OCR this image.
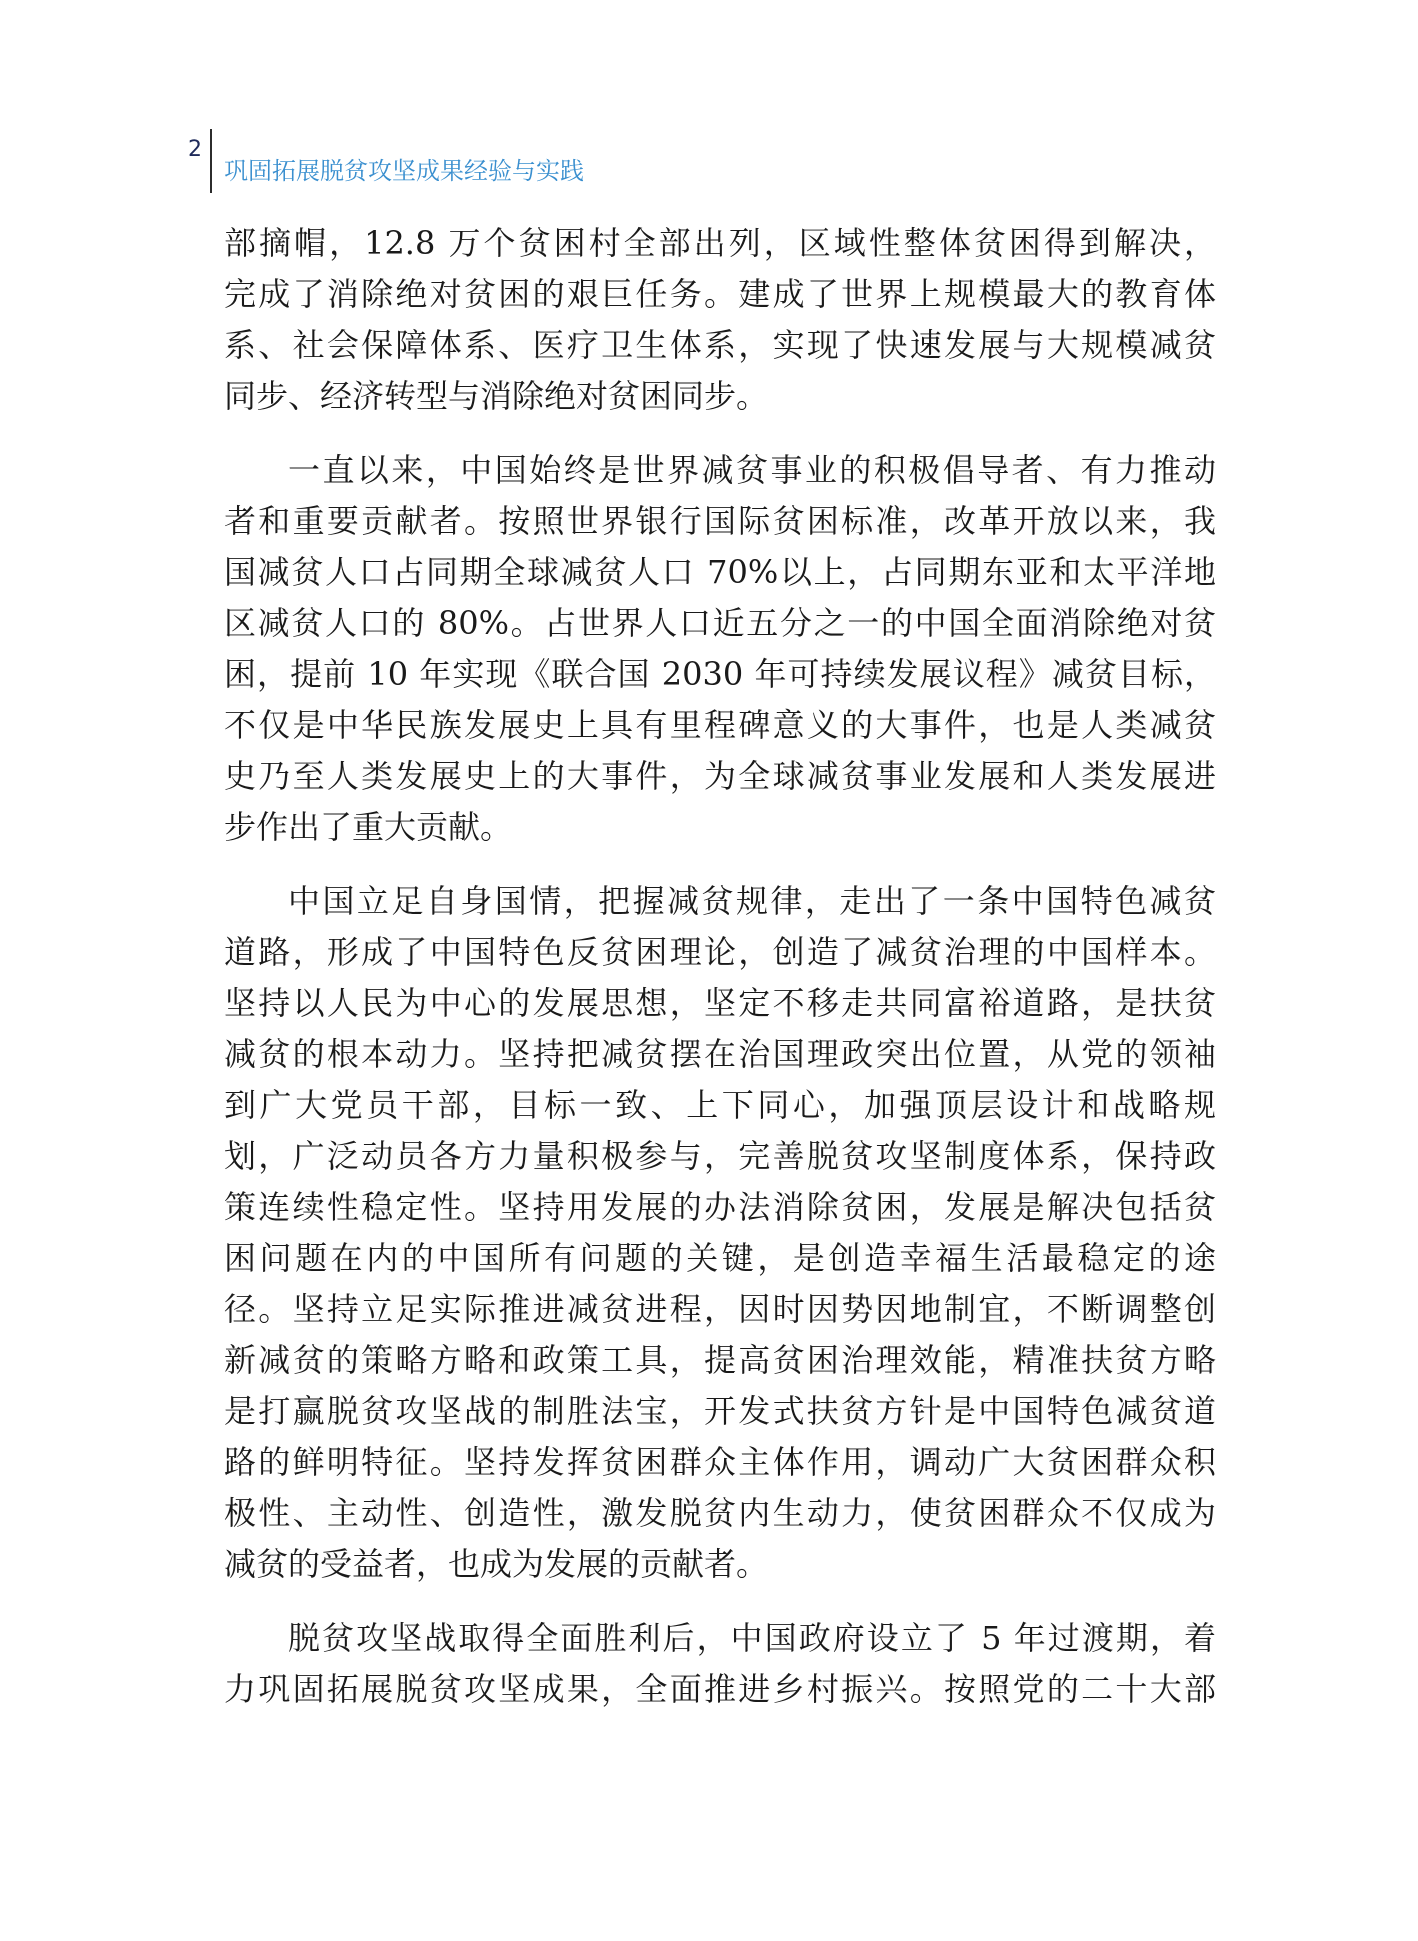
2
巩固拓展脱贫攻坚成果经验与实践
部摘帽，12.8 万个贫困村全部出列，区域性整体贫困得到解决，
完成了消除绝对贫困的艰巨任务。建成了世界上规模最大的教育体
系、社会保障体系、医疗卫生体系，实现了快速发展与大规模减贫
同步、经济转型与消除绝对贫困同步。
一直以来，中国始终是世界减贫事业的积极倡导者、有力推动
者和重要贡献者。按照世界银行国际贫困标准，改革开放以来，我
国减贫人口占同期全球减贫人口 70%以上，占同期东亚和太平洋地
区减贫人口的 80%。占世界人口近五分之一的中国全面消除绝对贫
困，提前 10 年实现《联合国 2030 年可持续发展议程》减贫目标，
不仅是中华民族发展史上具有里程碑意义的大事件，也是人类减贫
史乃至人类发展史上的大事件，为全球减贫事业发展和人类发展进
步作出了重大贡献。
中国立足自身国情，把握减贫规律，走出了一条中国特色减贫
道路，形成了中国特色反贫困理论，创造了减贫治理的中国样本。
坚持以人民为中心的发展思想，坚定不移走共同富裕道路，是扶贫
减贫的根本动力。坚持把减贫摆在治国理政突出位置，从党的领袖
到广大党员干部，目标一致、上下同心，加强顶层设计和战略规
划，广泛动员各方力量积极参与，完善脱贫攻坚制度体系，保持政
策连续性稳定性。坚持用发展的办法消除贫困，发展是解决包括贫
困问题在内的中国所有问题的关键，是创造幸福生活最稳定的途
径。坚持立足实际推进减贫进程，因时因势因地制宜，不断调整创
新减贫的策略方略和政策工具，提高贫困治理效能，精准扶贫方略
是打赢脱贫攻坚战的制胜法宝，开发式扶贫方针是中国特色减贫道
路的鲜明特征。坚持发挥贫困群众主体作用，调动广大贫困群众积
极性、主动性、创造性，激发脱贫内生动力，使贫困群众不仅成为
减贫的受益者，也成为发展的贡献者。
脱贫攻坚战取得全面胜利后，中国政府设立了 5 年过渡期，着
力巩固拓展脱贫攻坚成果，全面推进乡村振兴。按照党的二十大部
